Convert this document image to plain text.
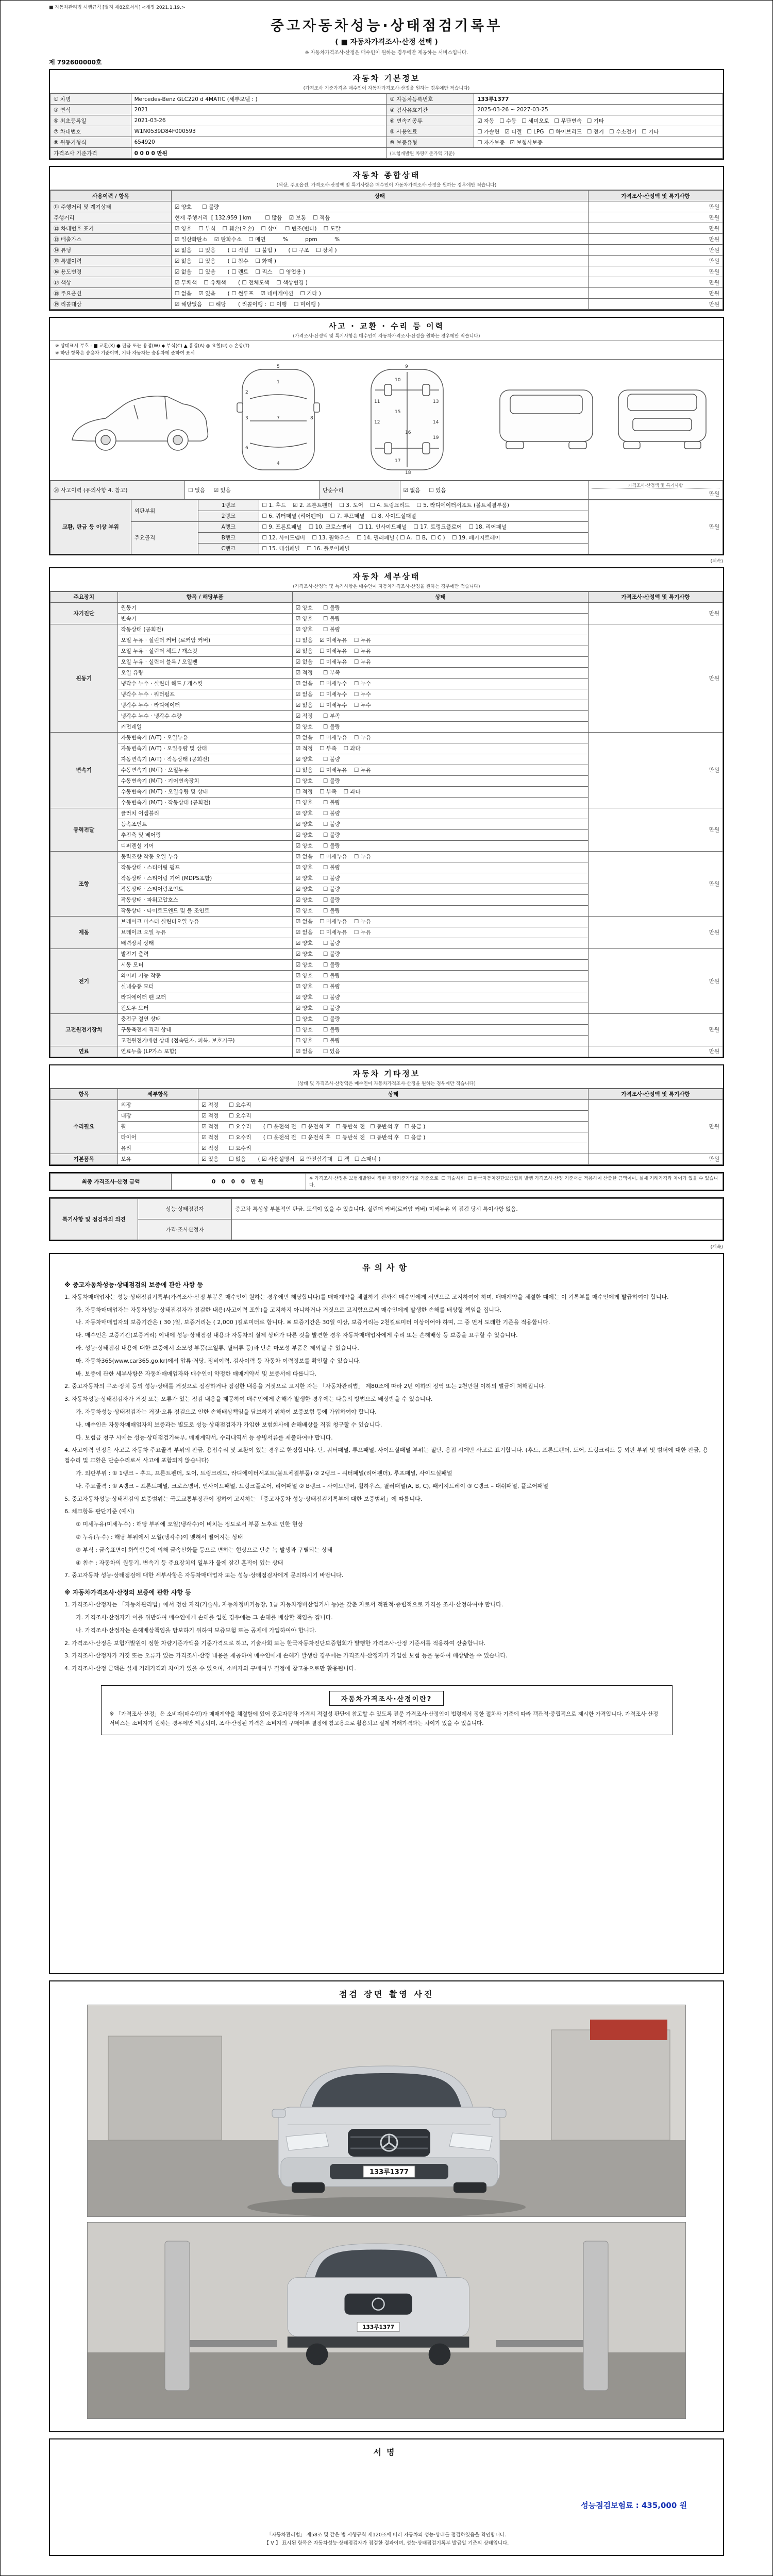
■ 자동차관리법 시행규칙 [별지 제82호서식] <개정 2021.1.19.>
중고자동차성능·상태점검기록부
( ■ 자동차가격조사·산정 선택 )
※ 자동차가격조사·산정은 매수인이 원하는 경우에만 제공하는 서비스입니다.
제 792600000호
자동차 기본정보
(가격조사 기준가격은 매수인이 자동차가격조사·산정을 원하는 경우에만 적습니다)
① 차명	Mercedes-Benz GLC220 d 4MATIC (세부모델 : )	② 자동차등록번호	133루1377
③ 연식	2021	④ 검사유효기간	2025-03-26 ~ 2027-03-25
⑤ 최초등록일	2021-03-26	⑥ 변속기종류	☑ 자동   ☐ 수동   ☐ 세미오토   ☐ 무단변속   ☐ 기타
⑦ 차대번호	W1N0539D84F000593	⑧ 사용연료	☐ 가솔린   ☑ 디젤   ☐ LPG   ☐ 하이브리드   ☐ 전기   ☐ 수소전기   ☐ 기타
⑨ 원동기형식	654920	⑩ 보증유형	☐ 자가보증   ☑ 보험사보증
가격조사 기준가격	0 0 0 0 만원	(보험개발원 차량기준가액 기준)	
자동차 종합상태
(색상, 주요옵션, 가격조사·산정액 및 특기사항은 매수인이 자동차가격조사·산정을 원하는 경우에만 적습니다)
사용이력 / 항목	상태	가격조사·산정액 및 특기사항
⑪ 주행거리 및 계기상태	☑ 양호      ☐ 불량	만원
주행거리	현재 주행거리  [ 132,959 ] km        ☐ 많음    ☑ 보통    ☐ 적음	만원
⑫ 차대번호 표기	☑ 양호    ☐ 부식    ☐ 훼손(오손)    ☐ 상이    ☐ 변조(변타)    ☐ 도말	만원
⑬ 배출가스	☑ 일산화탄소    ☑ 탄화수소    ☐ 매연          %          ppm          %	만원
⑭ 튜닝	☑ 없음    ☐ 있음       ( ☐ 적법    ☐ 불법 )       ( ☐ 구조    ☐ 장치 )	만원
⑮ 특별이력	☑ 없음    ☐ 있음       ( ☐ 침수    ☐ 화재 )	만원
⑯ 용도변경	☑ 없음    ☐ 있음       ( ☐ 렌트    ☐ 리스    ☐ 영업용 )	만원
⑰ 색상	☑ 무채색    ☐ 유채색       ( ☐ 전체도색    ☐ 색상변경 )	만원
⑱ 주요옵션	☐ 없음    ☑ 있음       ( ☐ 썬루프    ☑ 네비게이션    ☐ 기타 )	만원
⑲ 리콜대상	☑ 해당없음    ☐ 해당       ( 리콜이행 :  ☐ 이행    ☐ 미이행 )	만원
사고 · 교환 · 수리 등 이력
(가격조사·산정액 및 특기사항은 매수인이 자동차가격조사·산정을 원하는 경우에만 적습니다)
※ 상태표시 부호 : ■ 교환(X) ● 판금 또는 용접(W) ◆ 부식(C) ▲ 흠집(A) ◎ 요철(U) ◇ 손상(T)
※ 하단 항목은 승용차 기준이며, 기타 자동차는 승용차에 준하여 표시
1
2
3
4
5
6
7	8
9
10
11
12
13
14
15
16
17
18
19
⑳ 사고이력 (유의사항 4. 참고)	☐ 없음     ☑ 있음	단순수리	☑ 없음     ☐ 있음	
가격조사·산정액 및 특기사항
만원
교환, 판금 등 이상 부위	외판부위	1랭크	☐ 1. 후드    ☑ 2. 프론트펜더    ☐ 3. 도어    ☐ 4. 트렁크리드    ☐ 5. 라디에이터서포트 (볼트체결부품)	만원
		2랭크	☐ 6. 쿼터패널 (리어펜더)    ☐ 7. 루프패널    ☐ 8. 사이드실패널	
	주요골격	A랭크	☐ 9. 프론트패널    ☐ 10. 크로스멤버    ☐ 11. 인사이드패널    ☐ 17. 트렁크플로어    ☐ 18. 리어패널	
		B랭크	☐ 12. 사이드멤버    ☐ 13. 휠하우스    ☐ 14. 필러패널 ( ☐ A,  ☐ B,  ☐ C )    ☐ 19. 패키지트레이	
		C랭크	☐ 15. 대쉬패널    ☐ 16. 플로어패널	
(계속)
자동차 세부상태
(가격조사·산정액 및 특기사항은 매수인이 자동차가격조사·산정을 원하는 경우에만 적습니다)
주요장치	항목 / 해당부품	상태	가격조사·산정액 및 특기사항
자기진단	원동기	☑ 양호      ☐ 불량	만원
	변속기	☑ 양호      ☐ 불량	
원동기	작동상태 (공회전)	☑ 양호      ☐ 불량	만원
	오일 누유 · 실린더 커버 (로커암 커버)	☐ 없음    ☑ 미세누유    ☐ 누유	
	오일 누유 · 실린더 헤드 / 개스킷	☑ 없음    ☐ 미세누유    ☐ 누유	
	오일 누유 · 실린더 블록 / 오일팬	☑ 없음    ☐ 미세누유    ☐ 누유	
	오일 유량	☑ 적정      ☐ 부족	
	냉각수 누수 · 실린더 헤드 / 개스킷	☑ 없음    ☐ 미세누수    ☐ 누수	
	냉각수 누수 · 워터펌프	☑ 없음    ☐ 미세누수    ☐ 누수	
	냉각수 누수 · 라디에이터	☑ 없음    ☐ 미세누수    ☐ 누수	
	냉각수 누수 · 냉각수 수량	☑ 적정      ☐ 부족	
	커먼레일	☑ 양호      ☐ 불량	
변속기	자동변속기 (A/T) · 오일누유	☑ 없음    ☐ 미세누유    ☐ 누유	만원
	자동변속기 (A/T) · 오일유량 및 상태	☑ 적정    ☐ 부족    ☐ 과다	
	자동변속기 (A/T) · 작동상태 (공회전)	☑ 양호      ☐ 불량	
	수동변속기 (M/T) · 오일누유	☐ 없음    ☐ 미세누유    ☐ 누유	
	수동변속기 (M/T) · 기어변속장치	☐ 양호      ☐ 불량	
	수동변속기 (M/T) · 오일유량 및 상태	☐ 적정    ☐ 부족    ☐ 과다	
	수동변속기 (M/T) · 작동상태 (공회전)	☐ 양호      ☐ 불량	
동력전달	클러치 어셈블리	☑ 양호      ☐ 불량	만원
	등속조인트	☑ 양호      ☐ 불량	
	추진축 및 베어링	☑ 양호      ☐ 불량	
	디퍼렌셜 기어	☑ 양호      ☐ 불량	
조향	동력조향 작동 오일 누유	☑ 없음    ☐ 미세누유    ☐ 누유	만원
	작동상태 · 스티어링 펌프	☑ 양호      ☐ 불량	
	작동상태 · 스티어링 기어 (MDPS포함)	☑ 양호      ☐ 불량	
	작동상태 · 스티어링조인트	☑ 양호      ☐ 불량	
	작동상태 · 파워고압호스	☑ 양호      ☐ 불량	
	작동상태 · 타이로드엔드 및 볼 조인트	☑ 양호      ☐ 불량	
제동	브레이크 마스터 실린더오일 누유	☑ 없음    ☐ 미세누유    ☐ 누유	만원
	브레이크 오일 누유	☑ 없음    ☐ 미세누유    ☐ 누유	
	배력장치 상태	☑ 양호      ☐ 불량	
전기	발전기 출력	☑ 양호      ☐ 불량	만원
	시동 모터	☑ 양호      ☐ 불량	
	와이퍼 기능 작동	☑ 양호      ☐ 불량	
	실내송풍 모터	☑ 양호      ☐ 불량	
	라디에이터 팬 모터	☑ 양호      ☐ 불량	
	윈도우 모터	☑ 양호      ☐ 불량	
고전원전기장치	충전구 절연 상태	☐ 양호      ☐ 불량	만원
	구동축전지 격리 상태	☐ 양호      ☐ 불량	
	고전원전기배선 상태 (접속단자, 피복, 보호기구)	☐ 양호      ☐ 불량	
연료	연료누출 (LP가스 포함)	☑ 없음      ☐ 있음	만원
자동차 기타정보
(상태 및 가격조사·산정액은 매수인이 자동차가격조사·산정을 원하는 경우에만 적습니다)
항목	세부항목	상태	가격조사·산정액 및 특기사항
수리필요	외장	☑ 적정      ☐ 요수리	만원
	내장	☑ 적정      ☐ 요수리	
	휠	☑ 적정      ☐ 요수리       ( ☐ 운전석 전   ☐ 운전석 후   ☐ 동반석 전   ☐ 동반석 후   ☐ 응급 )	
	타이어	☑ 적정      ☐ 요수리       ( ☐ 운전석 전   ☐ 운전석 후   ☐ 동반석 전   ☐ 동반석 후   ☐ 응급 )	
	유리	☑ 적정      ☐ 요수리	
기본품목	보유	☑ 있음      ☐ 없음       ( ☑ 사용설명서   ☑ 안전삼각대   ☐ 잭   ☐ 스패너 )	만원
최종 가격조사·산정 금액	0 0 0 0 만원	※ 가격조사·산정은 보험개발원이 정한 차량기준가액을 기준으로  ☐ 기술사회  ☐ 한국자동차진단보증협회 발행 가격조사·산정 기준서를 적용하여 산출한 금액이며, 실제 거래가격과 차이가 있을 수 있습니다.
특기사항 및 점검자의 의견	성능·상태점검자	중고차 특성상 부분적인 판금, 도색이 있을 수 있습니다. 실린더 커버(로커암 커버) 미세누유 외 점검 당시 특이사항 없음.
	가격·조사산정자	
(계속)
유의사항
※ 중고자동차성능·상태점검의 보증에 관한 사항 등
1. 자동차매매업자는 성능·상태점검기록부(가격조사·산정 부분은 매수인이 원하는 경우에만 해당합니다)를 매매계약을 체결하기 전까지 매수인에게 서면으로 고지하여야 하며, 매매계약을 체결한 때에는 이 기록부를 매수인에게 발급하여야 합니다.
가. 자동차매매업자는 자동차성능·상태점검자가 점검한 내용(사고이력 포함)을 고지하지 아니하거나 거짓으로 고지함으로써 매수인에게 발생한 손해를 배상할 책임을 집니다.
나. 자동차매매업자의 보증기간은 ( 30 )일, 보증거리는 ( 2,000 )킬로미터로 합니다. ※ 보증기간은 30일 이상, 보증거리는 2천킬로미터 이상이어야 하며, 그 중 먼저 도래한 기준을 적용합니다.
다. 매수인은 보증기간(보증거리) 이내에 성능·상태점검 내용과 자동차의 실제 상태가 다른 것을 발견한 경우 자동차매매업자에게 수리 또는 손해배상 등 보증을 요구할 수 있습니다.
라. 성능·상태점검 내용에 대한 보증에서 소모성 부품(오일류, 필터류 등)과 단순 마모성 부품은 제외될 수 있습니다.
마. 자동차365(www.car365.go.kr)에서 압류·저당, 정비이력, 검사이력 등 자동차 이력정보를 확인할 수 있습니다.
바. 보증에 관한 세부사항은 자동차매매업자와 매수인이 약정한 매매계약서 및 보증서에 따릅니다.
2. 중고자동차의 구조·장치 등의 성능·상태를 거짓으로 점검하거나 점검한 내용을 거짓으로 고지한 자는 「자동차관리법」 제80조에 따라 2년 이하의 징역 또는 2천만원 이하의 벌금에 처해집니다.
3. 자동차성능·상태점검자가 거짓 또는 오류가 있는 점검 내용을 제공하여 매수인에게 손해가 발생한 경우에는 다음의 방법으로 배상받을 수 있습니다.
가. 자동차성능·상태점검자는 거짓·오류 점검으로 인한 손해배상책임을 담보하기 위하여 보증보험 등에 가입하여야 합니다.
나. 매수인은 자동차매매업자의 보증과는 별도로 성능·상태점검자가 가입한 보험회사에 손해배상을 직접 청구할 수 있습니다.
다. 보험금 청구 시에는 성능·상태점검기록부, 매매계약서, 수리내역서 등 증빙서류를 제출하여야 합니다.
4. 사고이력 인정은 사고로 자동차 주요골격 부위의 판금, 용접수리 및 교환이 있는 경우로 한정합니다. 단, 쿼터패널, 루프패널, 사이드실패널 부위는 절단, 용접 시에만 사고로 표기합니다. (후드, 프론트펜더, 도어, 트렁크리드 등 외판 부위 및 범퍼에 대한 판금, 용접수리 및 교환은 단순수리로서 사고에 포함되지 않습니다)
가. 외판부위 : ① 1랭크 – 후드, 프론트펜더, 도어, 트렁크리드, 라디에이터서포트(볼트체결부품) ② 2랭크 – 쿼터패널(리어펜더), 루프패널, 사이드실패널
나. 주요골격 : ① A랭크 – 프론트패널, 크로스멤버, 인사이드패널, 트렁크플로어, 리어패널 ② B랭크 – 사이드멤버, 휠하우스, 필러패널(A, B, C), 패키지트레이 ③ C랭크 – 대쉬패널, 플로어패널
5. 중고자동차성능·상태점검의 보증범위는 국토교통부장관이 정하여 고시하는 「중고자동차 성능·상태점검기록부에 대한 보증범위」에 따릅니다.
6. 체크항목 판단기준 (예시)
① 미세누유(미세누수) : 해당 부위에 오일(냉각수)이 비치는 정도로서 부품 노후로 인한 현상
② 누유(누수) : 해당 부위에서 오일(냉각수)이 맺혀서 떨어지는 상태
③ 부식 : 금속표면이 화학반응에 의해 금속산화물 등으로 변하는 현상으로 단순 녹 발생과 구별되는 상태
④ 침수 : 자동차의 원동기, 변속기 등 주요장치의 일부가 물에 잠긴 흔적이 있는 상태
7. 중고자동차 성능·상태점검에 대한 세부사항은 자동차매매업자 또는 성능·상태점검자에게 문의하시기 바랍니다.
※ 자동차가격조사·산정의 보증에 관한 사항 등
1. 가격조사·산정자는 「자동차관리법」에서 정한 자격(기술사, 자동차정비기능장, 1급 자동차정비산업기사 등)을 갖춘 자로서 객관적·중립적으로 가격을 조사·산정하여야 합니다.
가. 가격조사·산정자가 이를 위반하여 매수인에게 손해를 입힌 경우에는 그 손해를 배상할 책임을 집니다.
나. 가격조사·산정자는 손해배상책임을 담보하기 위하여 보증보험 또는 공제에 가입하여야 합니다.
2. 가격조사·산정은 보험개발원이 정한 차량기준가액을 기준가격으로 하고, 기술사회 또는 한국자동차진단보증협회가 발행한 가격조사·산정 기준서를 적용하여 산출합니다.
3. 가격조사·산정자가 거짓 또는 오류가 있는 가격조사·산정 내용을 제공하여 매수인에게 손해가 발생한 경우에는 가격조사·산정자가 가입한 보험 등을 통하여 배상받을 수 있습니다.
4. 가격조사·산정 금액은 실제 거래가격과 차이가 있을 수 있으며, 소비자의 구매여부 결정에 참고용으로만 활용됩니다.
자동차가격조사·산정이란?
※ 「가격조사·산정」은 소비자(매수인)가 매매계약을 체결함에 있어 중고자동차 가격의 적절성 판단에 참고할 수 있도록 전문 가격조사·산정인이 법령에서 정한 절차와 기준에 따라 객관적·중립적으로 제시한 가격입니다. 가격조사·산정 서비스는 소비자가 원하는 경우에만 제공되며, 조사·산정된 가격은 소비자의 구매여부 결정에 참고용으로 활용되고 실제 거래가격과는 차이가 있을 수 있습니다.
점검 장면 촬영 사진
133루1377
133루1377
서명
성능점검보험료 : 435,000 원
「자동차관리법」 제58조 및 같은 법 시행규칙 제120조에 따라 자동차의 성능·상태를 점검하였음을 확인합니다.
【 V 】 표시된 항목은 자동차성능·상태점검자가 점검한 결과이며, 성능·상태점검기록부 발급일 기준의 상태입니다.
